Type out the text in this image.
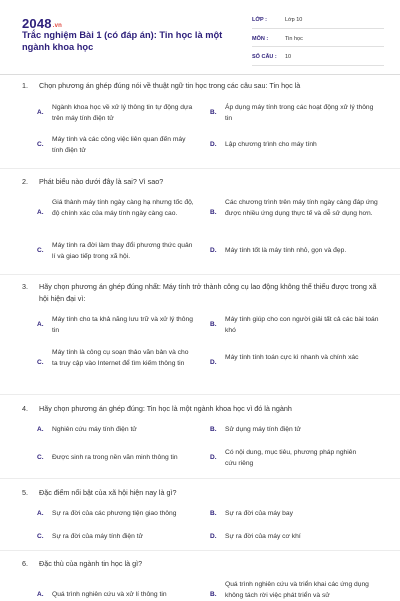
2048.vn
Trắc nghiệm Bài 1 (có đáp án): Tin học là một ngành khoa học
LỚP :	Lớp 10
MÔN :	Tin học
SỐ CÂU : 10
1. Chọn phương án ghép đúng nói về thuật ngữ tin học trong các câu sau: Tin học là
A.
Ngành khoa học về xử lý thông tin tự động dựa trên máy tính điện tử
B.
Áp dụng máy tính trong các hoạt động xử lý thông tin
C.
Máy tính và các công việc liên quan đến máy tính điện tử
D. Lập chương trình cho máy tính
2. Phát biểu nào dưới đây là sai? Vì sao?
A.
Giá thành máy tính ngày càng hạ nhưng tốc độ, độ chính xác của máy tính ngày càng cao.	B.
Các chương trình trên máy tính ngày càng đáp ứng được nhiều ứng dụng thực tế và dễ sử dụng hơn.
C.
Máy tính ra đời làm thay đổi phương thức quản lí và giao tiếp trong xã hội.
D. Máy tính tốt là máy tính nhỏ, gọn và đẹp.
3. Hãy chọn phương án ghép đúng nhất: Máy tính trở thành công cụ lao động không thể thiếu được trong xã hội hiện đại vì:
A.
Máy tính cho ta khả năng lưu trữ và xử lý thông tin
B.
Máy tính giúp cho con người giải tất cả các bài toán khó
C.
Máy tính là công cụ soạn thảo văn bản và cho ta truy cập vào Internet để tìm kiếm thông tin	D.
Máy tính tính toán cực kì nhanh và chính xác
4. Hãy chọn phương án ghép đúng: Tin học là một ngành khoa học vì đó là ngành
A. Nghiên cứu máy tính điện tử	B. Sử dụng máy tính điện tử
C. Được sinh ra trong nền văn minh thông tin	D.
Có nội dung, mục tiêu, phương pháp nghiên cứu riêng
5. Đặc điểm nổi bật của xã hội hiện nay là gì?
A. Sự ra đời của các phương tiện giao thông	B. Sự ra đời của máy bay
C. Sự ra đời của máy tính điện tử	D. Sự ra đời của máy cơ khí
6. Đặc thù của ngành tin học là gì?
A. Quá trình nghiên cứu và xử lí thông tin	B.
Quá trình nghiên cứu và triển khai các ứng dụng không tách rời việc phát triển và sử
